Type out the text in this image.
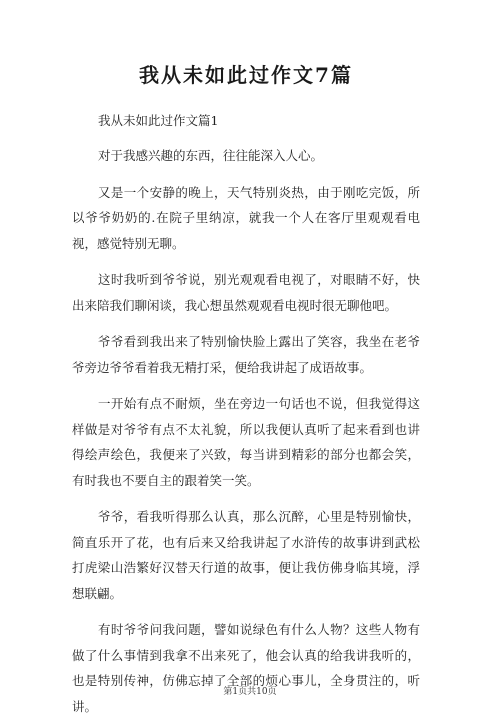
我从未如此过作文7篇
我从未如此过作文篇1

对于我感兴趣的东西，往往能深入人心。

又是一个安静的晚上，天气特别炎热，由于刚吃完饭，所以爷爷奶奶的.在院子里纳凉，就我一个人在客厅里观观看电视，感觉特别无聊。

这时我听到爷爷说，别光观观看电视了，对眼睛不好，快出来陪我们聊闲谈，我心想虽然观观看电视时很无聊他吧。

爷爷看到我出来了特别愉快脸上露出了笑容，我坐在老爷爷旁边爷爷看着我无精打采，便给我讲起了成语故事。

一开始有点不耐烦，坐在旁边一句话也不说，但我觉得这样做是对爷爷有点不太礼貌，所以我便认真听了起来看到也讲得绘声绘色，我便来了兴致，每当讲到精彩的部分也都会笑，有时我也不要自主的跟着笑一笑。

爷爷，看我听得那么认真，那么沉醉，心里是特别愉快，简直乐开了花，也有后来又给我讲起了水浒传的故事讲到武松打虎梁山浩繁好汉替天行道的故事，便让我仿佛身临其境，浮想联翩。

有时爷爷问我问题，譬如说绿色有什么人物？这些人物有做了什么事情到我拿不出来死了，他会认真的给我讲我听的，也是特别传神，仿佛忘掉了全部的烦心事儿，全身贯注的，听讲。

第1页共10页
